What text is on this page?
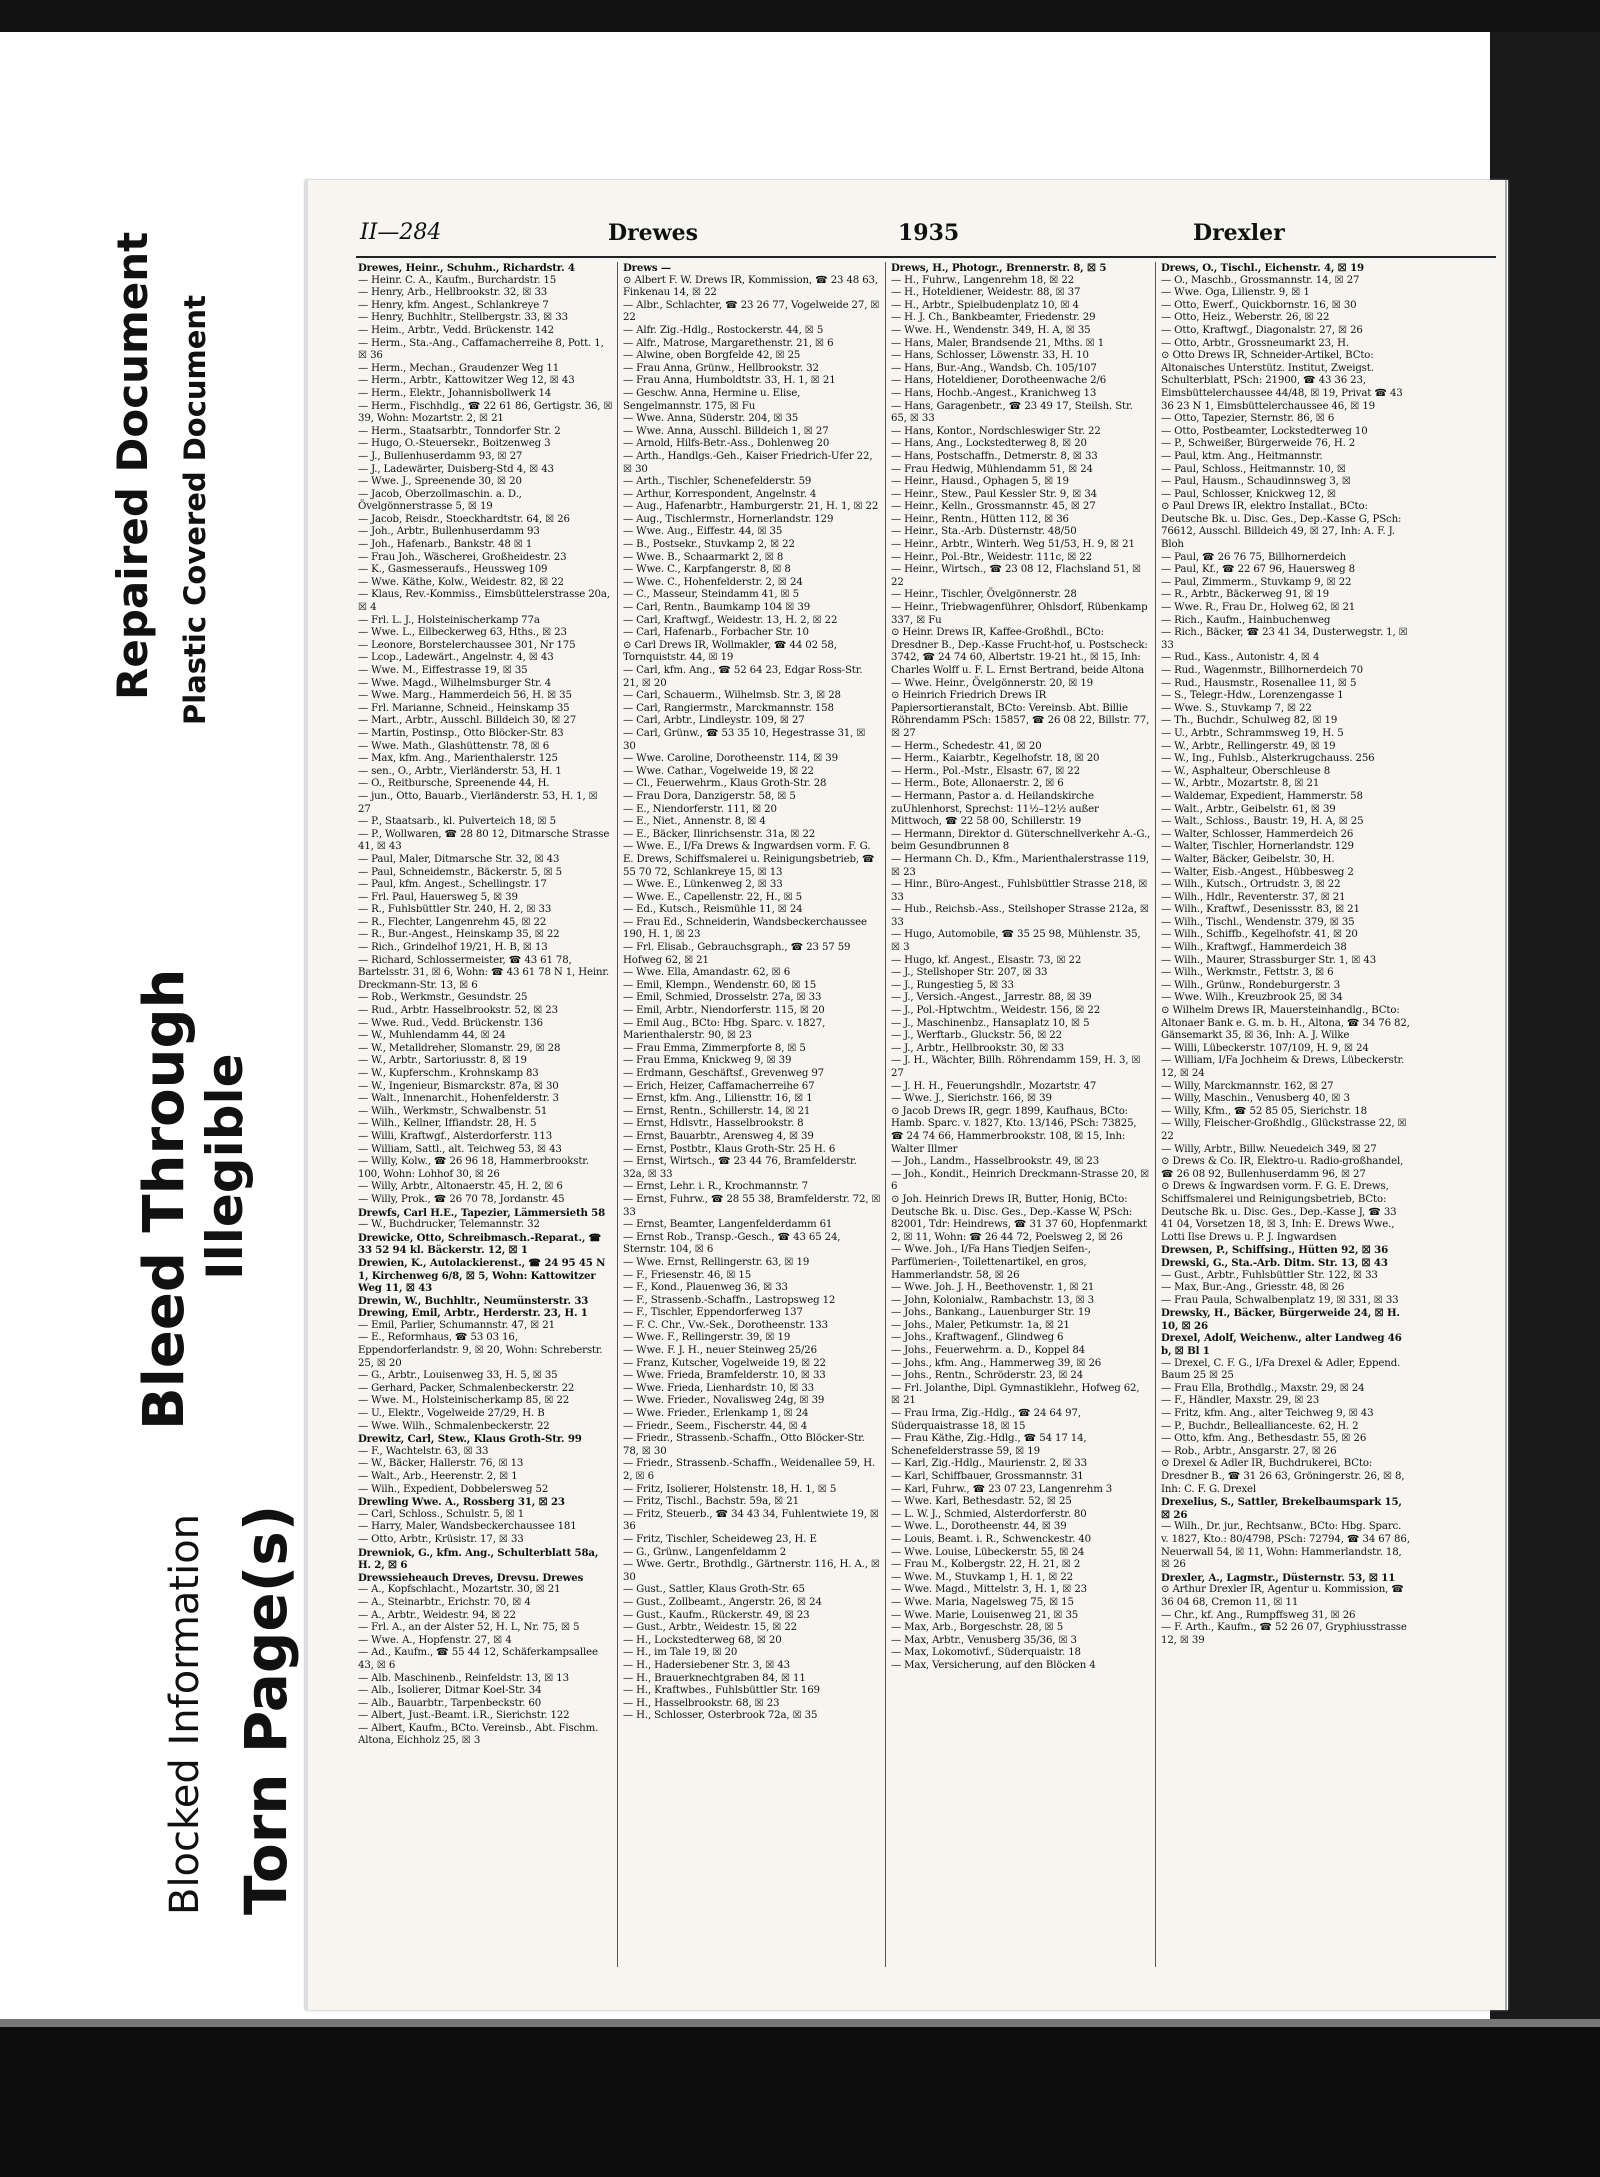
Repaired Document Plastic Covered Document
Bleed Through Illegible
Blocked Information Torn Page(s)
II—284	Drewes	1935	Drexler

Drewes, Heinr., Schuhm., Richardstr. 4

— Heinr. C. A., Kaufm., Burchardstr. 15

— Henry, Arb., Hellbrookstr. 32, ☒ 33

— Henry, kfm. Angest., Schlankreye 7

— Henry, Buchhltr., Stellbergstr. 33, ☒ 33

— Heim., Arbtr., Vedd. Brückenstr. 142

— Herm., Sta.-Ang., Caffamacherreihe 8, Pott. 1, ☒ 36

— Herm., Mechan., Graudenzer Weg 11

— Herm., Arbtr., Kattowitzer Weg 12, ☒ 43

— Herm., Elektr., Johannisbollwerk 14

— Herm., Fischhdlg., ☎ 22 61 86, Gertigstr. 36, ☒ 39, Wohn: Mozartstr. 2, ☒ 21

— Herm., Staatsarbtr., Tonndorfer Str. 2

— Hugo, O.-Steuersekr., Boitzenweg 3

— J., Bullenhuserdamm 93, ☒ 27

— J., Ladewärter, Duisberg-Std 4, ☒ 43

— Wwe. J., Spreenende 30, ☒ 20

— Jacob, Oberzollmaschin. a. D., Övelgönnerstrasse 5, ☒ 19

— Jacob, Reisdr., Stoeckhardtstr. 64, ☒ 26

— Joh., Arbtr., Bullenhuserdamm 93

— Joh., Hafenarb., Bankstr. 48 ☒ 1

— Frau Joh., Wäscherei, Großheidestr. 23

— K., Gasmesseraufs., Heussweg 109

— Wwe. Käthe, Kolw., Weidestr. 82, ☒ 22

— Klaus, Rev.-Kommiss., Eimsbüttelerstrasse 20a, ☒ 4

— Frl. L. J., Holsteinischerkamp 77a

— Wwe. L., Eilbeckerweg 63, Hths., ☒ 23

— Leonore, Borstelerchaussee 301, Nr 175

— Lcop., Ladewärt., Angelnstr. 4, ☒ 43

— Wwe. M., Eiffestrasse 19, ☒ 35

— Wwe. Magd., Wilhelmsburger Str. 4

— Wwe. Marg., Hammerdeich 56, H. ☒ 35

— Frl. Marianne, Schneid., Heinskamp 35

— Mart., Arbtr., Ausschl. Billdeich 30, ☒ 27

— Martin, Postinsp., Otto Blöcker-Str. 83

— Wwe. Math., Glashüttenstr. 78, ☒ 6

— Max, kfm. Ang., Marienthalerstr. 125

— sen., O., Arbtr., Vierländerstr. 53, H. 1

— O., Reitburschе, Spreenende 44, H.

— jun., Otto, Bauarb., Vierländerstr. 53, H. 1, ☒ 27

— P., Staatsarb., kl. Pulverteich 18, ☒ 5

— P., Wollwaren, ☎ 28 80 12, Ditmarsche Strasse 41, ☒ 43

— Paul, Maler, Ditmarsche Str. 32, ☒ 43

— Paul, Schneidemstr., Bäckerstr. 5, ☒ 5

— Paul, kfm. Angest., Schellingstr. 17

— Frl. Paul, Hauersweg 5, ☒ 39

— R., Fuhlsbüttler Str. 240, H. 2, ☒ 33

— R., Flechter, Langenrehm 45, ☒ 22

— R., Bur.-Angest., Heinskamp 35, ☒ 22

— Rich., Grindelhof 19/21, H. B, ☒ 13

— Richard, Schlossermeister, ☎ 43 61 78, Bartelsstr. 31, ☒ 6, Wohn: ☎ 43 61 78 N 1, Heinr. Dreckmann-Str. 13, ☒ 6

— Rob., Werkmstr., Gesundstr. 25

— Rud., Arbtr. Hasselbrookstr. 52, ☒ 23

— Wwe. Rud., Vedd. Brückenstr. 136

— W., Muhlendamm 44, ☒ 24

— W., Metalldreher, Slomanstr. 29, ☒ 28

— W., Arbtr., Sartoriusstr. 8, ☒ 19

— W., Kupferschm., Krohnskamp 83

— W., Ingenieur, Bismarckstr. 87a, ☒ 30

— Walt., Innenarchit., Hohenfelderstr. 3

— Wilh., Werkmstr., Schwalbenstr. 51

— Wilh., Kellner, Iffiandstr. 28, H. 5

— Willi, Kraftwgf., Alsterdorferstr. 113

— William, Sattl., alt. Teichweg 53, ☒ 43

— Willy, Kolw., ☎ 26 96 18, Hammerbrookstr. 100, Wohn: Lohhof 30, ☒ 26

— Willy, Arbtr., Altonaerstr. 45, H. 2, ☒ 6

— Willy, Prok., ☎ 26 70 78, Jordanstr. 45

Drewfs, Carl H.E., Tapezier, Lämmersieth 58

— W., Buchdrucker, Telemannstr. 32

Drewicke, Otto, Schreibmasch.-Reparat., ☎ 33 52 94 kl. Bäckerstr. 12, ☒ 1

Drewien, K., Autolackierenst., ☎ 24 95 45 N 1, Kirchenweg 6/8, ☒ 5, Wohn: Kattowitzer Weg 11, ☒ 43

Drewin, W., Buchhltr., Neumünsterstr. 33

Drewing, Emil, Arbtr., Herderstr. 23, H. 1

— Emil, Parlier, Schumannstr. 47, ☒ 21

— E., Reformhaus, ☎ 53 03 16, Eppendorferlandstr. 9, ☒ 20, Wohn: Schreberstr. 25, ☒ 20

— G., Arbtr., Louisenweg 33, H. 5, ☒ 35

— Gerhard, Packer, Schmalenbeckerstr. 22

— Wwe. M., Holsteinischerkamp 85, ☒ 22

— U., Elektr., Vogelweide 27/29, H. B

— Wwe. Wilh., Schmalenbeckerstr. 22

Drewitz, Carl, Stew., Klaus Groth-Str. 99

— F., Wachtelstr. 63, ☒ 33

— W., Bäcker, Hallerstr. 76, ☒ 13

— Walt., Arb., Heerenstr. 2, ☒ 1

— Wilh., Expedient, Dobbelersweg 52

Drewling Wwe. A., Rossberg 31, ☒ 23

— Carl, Schloss., Schulstr. 5, ☒ 1

— Harry, Maler, Wandsbeckerchaussee 181

— Otto, Arbtr., Krüsistr. 17, ☒ 33

Drewniok, G., kfm. Ang., Schulterblatt 58a, H. 2, ☒ 6

Drewssieheauch Dreves, Drevsu. Drewes

— A., Kopfschlacht., Mozartstr. 30, ☒ 21

— A., Steinarbtr., Erichstr. 70, ☒ 4

— A., Arbtr., Weidestr. 94, ☒ 22

— Frl. A., an der Alster 52, H. L, Nr. 75, ☒ 5

— Wwe. A., Hopfenstr. 27, ☒ 4

— Ad., Kaufm., ☎ 55 44 12, Schäferkampsallee 43, ☒ 6

— Alb. Maschinenb., Reinfeldstr. 13, ☒ 13

— Alb., Isolierer, Ditmar Koel-Str. 34

— Alb., Bauarbtr., Tarpenbeckstr. 60

— Albert, Just.-Beamt. i.R., Sierichstr. 122

— Albert, Kaufm., BCto. Vereinsb., Abt. Fischm. Altona, Eichholz 25, ☒ 3

Drews —

⊙ Albert F. W. Drews IR, Kommission, ☎ 23 48 63, Finkenau 14, ☒ 22

— Albr., Schlachter, ☎ 23 26 77, Vogelweide 27, ☒ 22

— Alfr. Zig.-Hdlg., Rostockerstr. 44, ☒ 5

— Alfr., Matrose, Margarethenstr. 21, ☒ 6

— Alwine, oben Borgfelde 42, ☒ 25

— Frau Anna, Grünw., Hellbrookstr. 32

— Frau Anna, Humboldtstr. 33, H. 1, ☒ 21

— Geschw. Anna, Hermine u. Elise, Sengelmannstr. 175, ☒ Fu

— Wwe. Anna, Süderstr. 204, ☒ 35

— Wwe. Anna, Ausschl. Billdeich 1, ☒ 27

— Arnold, Hilfs-Betr.-Ass., Dohlenweg 20

— Arth., Handlgs.-Geh., Kaiser Friedrich-Ufer 22, ☒ 30

— Arth., Tischler, Schenefelderstr. 59

— Arthur, Korrespondent, Angelnstr. 4

— Aug., Hafenarbtr., Hamburgerstr. 21, H. 1, ☒ 22

— Aug., Tischlermstr., Hornerlandstr. 129

— Wwe. Aug., Eiffestr. 44, ☒ 35

— B., Postsekr., Stuvkamp 2, ☒ 22

— Wwe. B., Schaarmarkt 2, ☒ 8

— Wwe. C., Karpfangerstr. 8, ☒ 8

— Wwe. C., Hohenfelderstr. 2, ☒ 24

— C., Masseur, Steindamm 41, ☒ 5

— Carl, Rentn., Baumkamp 104 ☒ 39

— Carl, Kraftwgf., Weidestr. 13, H. 2, ☒ 22

— Carl, Hafenarb., Forbacher Str. 10

⊙ Carl Drews IR, Wollmakler, ☎ 44 02 58, Tornquiststr. 44, ☒ 19

— Carl, kfm. Ang., ☎ 52 64 23, Edgar Ross-Str. 21, ☒ 20

— Carl, Schauerm., Wilhelmsb. Str. 3, ☒ 28

— Carl, Rangiermstr., Marckmannstr. 158

— Carl, Arbtr., Lindleystr. 109, ☒ 27

— Carl, Grünw., ☎ 53 35 10, Hegestrasse 31, ☒ 30

— Wwe. Caroline, Dorotheenstr. 114, ☒ 39

— Wwe. Cathar., Vogelweide 19, ☒ 22

— Cl., Feuerwehrm., Klaus Groth-Str. 28

— Frau Dora, Danzigerstr. 58, ☒ 5

— E., Niendorferstr. 111, ☒ 20

— E., Niet., Annenstr. 8, ☒ 4

— E., Bäcker, Ilinrichsenstr. 31a, ☒ 22

— Wwe. E., I/Fa Drews & Ingwardsen vorm. F. G. E. Drews, Schiffsmalerei u. Reinigungsbetrieb, ☎ 55 70 72, Schlankreye 15, ☒ 13

— Wwe. E., Lünkenweg 2, ☒ 33

— Wwe. E., Capellenstr. 22, H., ☒ 5

— Ed., Kutsch., Reismühle 11, ☒ 24

— Frau Ed., Schneiderin, Wandsbeckerchaussee 190, H. 1, ☒ 23

— Frl. Elisab., Gebrauchsgraph., ☎ 23 57 59 Hofweg 62, ☒ 21

— Wwe. Ella, Amandastr. 62, ☒ 6

— Emil, Klempn., Wendenstr. 60, ☒ 15

— Emil, Schmied, Drosselstr. 27a, ☒ 33

— Emil, Arbtr., Niendorferstr. 115, ☒ 20

— Emil Aug., BCto: Hbg. Sparc. v. 1827, Marienthalerstr. 90, ☒ 23

— Frau Emma, Zimmerpforte 8, ☒ 5

— Frau Emma, Knickweg 9, ☒ 39

— Erdmann, Geschäftsf., Grevenweg 97

— Erich, Heizer, Caffamacherreihe 67

— Ernst, kfm. Ang., Liliensttr. 16, ☒ 1

— Ernst, Rentn., Schillerstr. 14, ☒ 21

— Ernst, Hdlsvtr., Hasselbrookstr. 8

— Ernst, Bauarbtr., Arensweg 4, ☒ 39

— Ernst, Postbtr., Klaus Groth-Str. 25 H. 6

— Ernst, Wirtsch., ☎ 23 44 76, Bramfelderstr. 32a, ☒ 33

— Ernst, Lehr. i. R., Krochmannstr. 7

— Ernst, Fuhrw., ☎ 28 55 38, Bramfelderstr. 72, ☒ 33

— Ernst, Beamter, Langenfelderdamm 61

— Ernst Rob., Transp.-Gesch., ☎ 43 65 24, Sternstr. 104, ☒ 6

— Wwe. Ernst, Rellingerstr. 63, ☒ 19

— F., Friesenstr. 46, ☒ 15

— F., Kond., Plauenweg 36, ☒ 33

— F., Strassenb.-Schaffn., Lastropsweg 12

— F., Tischler, Eppendorferweg 137

— F. C. Chr., Vw.-Sek., Dorotheenstr. 133

— Wwe. F., Rellingerstr. 39, ☒ 19

— Wwe. F. J. H., neuer Steinweg 25/26

— Franz, Kutscher, Vogelweide 19, ☒ 22

— Wwe. Frieda, Bramfelderstr. 10, ☒ 33

— Wwe. Frieda, Lienhardstr. 10, ☒ 33

— Wwe. Frieder., Novalisweg 24g, ☒ 39

— Wwe. Frieder., Erlenkamp 1, ☒ 24

— Friedr., Seem., Fischerstr. 44, ☒ 4

— Friedr., Strassenb.-Schaffn., Otto Blöcker-Str. 78, ☒ 30

— Friedr., Strassenb.-Schaffn., Weidenallee 59, H. 2, ☒ 6

— Fritz, Isolierer, Holstenstr. 18, H. 1, ☒ 5

— Fritz, Tischl., Bachstr. 59a, ☒ 21

— Fritz, Steuerb., ☎ 34 43 34, Fuhlentwiete 19, ☒ 36

— Fritz, Tischler, Scheideweg 23, H. E

— G., Grünw., Langenfeldamm 2

— Wwe. Gertr., Brothdlg., Gärtnerstr. 116, H. A., ☒ 30

— Gust., Sattler, Klaus Groth-Str. 65

— Gust., Zollbeamt., Angerstr. 26, ☒ 24

— Gust., Kaufm., Rückerstr. 49, ☒ 23

— Gust., Arbtr., Weidestr. 15, ☒ 22

— H., Lockstedterweg 68, ☒ 20

— H., im Tale 19, ☒ 20

— H., Hadersiebener Str. 3, ☒ 43

— H., Brauerknechtgraben 84, ☒ 11

— H., Kraftwbes., Fuhlsbüttler Str. 169

— H., Hasselbrookstr. 68, ☒ 23

— H., Schlosser, Osterbrook 72a, ☒ 35

Drews, H., Photogr., Brennerstr. 8, ☒ 5

— H., Fuhrw., Langenrehm 18, ☒ 22

— H., Hoteldiener, Weidestr. 88, ☒ 37

— H., Arbtr., Spielbudenplatz 10, ☒ 4

— H. J. Ch., Bankbeamter, Friedenstr. 29

— Wwe. H., Wendenstr. 349, H. A, ☒ 35

— Hans, Maler, Brandsende 21, Mths. ☒ 1

— Hans, Schlosser, Löwenstr. 33, H. 10

— Hans, Bur.-Ang., Wandsb. Ch. 105/107

— Hans, Hoteldiener, Dorotheenwache 2/6

— Hans, Hochb.-Angest., Kranichweg 13

— Hans, Garagenbetr., ☎ 23 49 17, Steilsh. Str. 65, ☒ 33

— Hans, Kontor., Nordschleswiger Str. 22

— Hans, Ang., Lockstedterweg 8, ☒ 20

— Hans, Postschaffn., Detmerstr. 8, ☒ 33

— Frau Hedwig, Mühlendamm 51, ☒ 24

— Heinr., Hausd., Ophagen 5, ☒ 19

— Heinr., Stew., Paul Kessler Str. 9, ☒ 34

— Heinr., Kelln., Grossmannstr. 45, ☒ 27

— Heinr., Rentn., Hütten 112, ☒ 36

— Heinr., Sta.-Arb. Düsternstr. 48/50

— Heinr., Arbtr., Winterh. Weg 51/53, H. 9, ☒ 21

— Heinr., Pol.-Btr., Weidestr. 111c, ☒ 22

— Heinr., Wirtsch., ☎ 23 08 12, Flachsland 51, ☒ 22

— Heinr., Tischler, Övelgönnerstr. 28

— Heinr., Triebwagenführer, Ohlsdorf, Rübenkamp 337, ☒ Fu

⊙ Heinr. Drews IR, Kaffee-Großhdl., BCto: Dresdner B., Dep.-Kasse Frucht-hof, u. Postscheck: 3742, ☎ 24 74 60, Albertstr. 19-21 ht., ☒ 15, Inh: Charles Wolff u. F. L. Ernst Bertrand, beide Altona

— Wwe. Heinr., Övelgönnerstr. 20, ☒ 19

⊙ Heinrich Friedrich Drews IR Papiersortieranstalt, BCto: Vereinsb. Abt. Billie Röhrendamm PSch: 15857, ☎ 26 08 22, Billstr. 77, ☒ 27

— Herm., Schedestr. 41, ☒ 20

— Herm., Kaiarbtr., Kegelhofstr. 18, ☒ 20

— Herm., Pol.-Mstr., Elsastr. 67, ☒ 22

— Herm., Bote, Allonaerstr. 2, ☒ 6

— Hermann, Pastor a. d. Heilandskirche zuUhlenhorst, Sprechst: 11½–12½ außer Mittwoch, ☎ 22 58 00, Schillerstr. 19

— Hermann, Direktor d. Güterschnellverkehr A.-G., beim Gesundbrunnen 8

— Hermann Ch. D., Kfm., Marienthalerstrasse 119, ☒ 23

— Hinr., Büro-Angest., Fuhlsbüttler Strasse 218, ☒ 33

— Hub., Reichsb.-Ass., Steilshoper Strasse 212a, ☒ 33

— Hugo, Automobile, ☎ 35 25 98, Mühlenstr. 35, ☒ 3

— Hugo, kf. Angest., Elsastr. 73, ☒ 22

— J., Stellshoper Str. 207, ☒ 33

— J., Rungestieg 5, ☒ 33

— J., Versich.-Angest., Jarrestr. 88, ☒ 39

— J., Pol.-Hptwchtm., Weidestr. 156, ☒ 22

— J., Maschinenbz., Hansaplatz 10, ☒ 5

— J., Werftarb., Gluckstr. 56, ☒ 22

— J., Arbtr., Hellbrookstr. 30, ☒ 33

— J. H., Wächter, Billh. Röhrendamm 159, H. 3, ☒ 27

— J. H. H., Feuerungshdlr., Mozartstr. 47

— Wwe. J., Sierichstr. 166, ☒ 39

⊙ Jacob Drews IR, gegr. 1899, Kaufhaus, BCto: Hamb. Sparc. v. 1827, Kto. 13/146, PSch: 73825, ☎ 24 74 66, Hammerbrookstr. 108, ☒ 15, Inh: Walter Illmer

— Joh., Landm., Hasselbrookstr. 49, ☒ 23

— Joh., Kondit., Heinrich Dreckmann-Strasse 20, ☒ 6

⊙ Joh. Heinrich Drews IR, Butter, Honig, BCto: Deutsche Bk. u. Disc. Ges., Dep.-Kasse W, PSch: 82001, Tdr: Heindrews, ☎ 31 37 60, Hopfenmarkt 2, ☒ 11, Wohn: ☎ 26 44 72, Poelsweg 2, ☒ 26

— Wwe. Joh., I/Fa Hans Tiedjen Seifen-, Parfümerien-, Toilettenartikel, en gros, Hammerlandstr. 58, ☒ 26

— Wwe. Joh. J. H., Beethovenstr. 1, ☒ 21

— John, Kolonialw., Rambachstr. 13, ☒ 3

— Johs., Bankang., Lauenburger Str. 19

— Johs., Maler, Petkumstr. 1a, ☒ 21

— Johs., Kraftwagenf., Glindweg 6

— Johs., Feuerwehrm. a. D., Koppel 84

— Johs., kfm. Ang., Hammerweg 39, ☒ 26

— Johs., Rentn., Schröderstr. 23, ☒ 24

— Frl. Jolanthe, Dipl. Gymnastiklehr., Hofweg 62, ☒ 21

— Frau Irma, Zig.-Hdlg., ☎ 24 64 97, Süderquaistrasse 18, ☒ 15

— Frau Käthe, Zig.-Hdlg., ☎ 54 17 14, Schenefelderstrasse 59, ☒ 19

— Karl, Zig.-Hdlg., Maurienstr. 2, ☒ 33

— Karl, Schiffbauer, Grossmannstr. 31

— Karl, Fuhrw., ☎ 23 07 23, Langenrehm 3

— Wwe. Karl, Bethesdastr. 52, ☒ 25

— L. W. J., Schmied, Alsterdorferstr. 80

— Wwe. L., Dorotheenstr. 44, ☒ 39

— Louis, Beamt. i. R., Schwenckestr. 40

— Wwe. Louise, Lübeckerstr. 55, ☒ 24

— Frau M., Kolbergstr. 22, H. 21, ☒ 2

— Wwe. M., Stuvkamp 1, H. 1, ☒ 22

— Wwe. Magd., Mittelstr. 3, H. 1, ☒ 23

— Wwe. Maria, Nagelsweg 75, ☒ 15

— Wwe. Marie, Louisenweg 21, ☒ 35

— Max, Arb., Borgeschstr. 28, ☒ 5

— Max, Arbtr., Venusberg 35/36, ☒ 3

— Max, Lokomotivf., Süderquaistr. 18

— Max, Versicherung, auf den Blöcken 4

Drews, O., Tischl., Eichenstr. 4, ☒ 19

— O., Maschb., Grossmannstr. 14, ☒ 27

— Wwe. Oga, Lilienstr. 9, ☒ 1

— Otto, Ewerf., Quickbornstr. 16, ☒ 30

— Otto, Heiz., Weberstr. 26, ☒ 22

— Otto, Kraftwgf., Diagonalstr. 27, ☒ 26

— Otto, Arbtr., Grossneumarkt 23, H.

⊙ Otto Drews IR, Schneider-Artikel, BCto: Altonaisches Unterstütz. Institut, Zweigst. Schulterblatt, PSch: 21900, ☎ 43 36 23, Eimsbüttelerchaussee 44/48, ☒ 19, Privat ☎ 43 36 23 N 1, Eimsbüttelerchaussee 46, ☒ 19

— Otto, Tapezier, Sternstr. 86, ☒ 6

— Otto, Postbeamter, Lockstedterweg 10

— P., Schweißer, Bürgerweide 76, H. 2

— Paul, ktm. Ang., Heitmannstr.

— Paul, Schloss., Heitmannstr. 10, ☒

— Paul, Hausm., Schaudinnsweg 3, ☒

— Paul, Schlosser, Knickweg 12, ☒

⊙ Paul Drews IR, elektro Installat., BCto: Deutsche Bk. u. Disc. Ges., Dep.-Kasse G, PSch: 76612, Ausschl. Billdeich 49, ☒ 27, Inh: A. F. J. Bloh

— Paul, ☎ 26 76 75, Billhornerdeich

— Paul, Kf., ☎ 22 67 96, Hauersweg 8

— Paul, Zimmerm., Stuvkamp 9, ☒ 22

— R., Arbtr., Bäckerweg 91, ☒ 19

— Wwe. R., Frau Dr., Holweg 62, ☒ 21

— Rich., Kaufm., Hainbuchenweg

— Rich., Bäcker, ☎ 23 41 34, Dusterwegstr. 1, ☒ 33

— Rud., Kass., Autonistr. 4, ☒ 4

— Rud., Wagenmstr., Billhornerdeich 70

— Rud., Hausmstr., Rosenallee 11, ☒ 5

— S., Telegr.-Hdw., Lorenzengasse 1

— Wwe. S., Stuvkamp 7, ☒ 22

— Th., Buchdr., Schulweg 82, ☒ 19

— U., Arbtr., Schrammsweg 19, H. 5

— W., Arbtr., Rellingerstr. 49, ☒ 19

— W., Ing., Fuhlsb., Alsterkrugchauss. 256

— W., Asphaltеur, Oberschleuse 8

— W., Arbtr., Mozartstr. 8, ☒ 21

— Waldemar, Expedient, Hammerstr. 58

— Walt., Arbtr., Geibelstr. 61, ☒ 39

— Walt., Schloss., Baustr. 19, H. A, ☒ 25

— Walter, Schlosser, Hammerdeich 26

— Walter, Tischler, Hornerlandstr. 129

— Walter, Bäcker, Geibelstr. 30, H.

— Walter, Eisb.-Angest., Hübbesweg 2

— Wilh., Kutsch., Ortrudstr. 3, ☒ 22

— Wilh., Hdlr., Reventerstr. 37, ☒ 21

— Wilh., Kraftwf., Desenissstr. 83, ☒ 21

— Wilh., Tischl., Wendenstr. 379, ☒ 35

— Wilh., Schiffb., Kegelhofstr. 41, ☒ 20

— Wilh., Kraftwgf., Hammerdeich 38

— Wilh., Maurer, Strassburger Str. 1, ☒ 43

— Wilh., Werkmstr., Fettstr. 3, ☒ 6

— Wilh., Grünw., Rondeburgerstr. 3

— Wwe. Wilh., Kreuzbrook 25, ☒ 34

⊙ Wilhelm Drews IR, Mauersteinhandlg., BCto: Altonaer Bank e. G. m. b. H., Altona, ☎ 34 76 82, Gänsemarkt 35, ☒ 36, Inh: A. J. Wilke

— Willi, Lübeckerstr. 107/109, H. 9, ☒ 24

— William, I/Fa Jochheim & Drews, Lübeckerstr. 12, ☒ 24

— Willy, Marckmannstr. 162, ☒ 27

— Willy, Maschin., Venusberg 40, ☒ 3

— Willy, Kfm., ☎ 52 85 05, Sierichstr. 18

— Willy, Fleischer-Großhdlg., Glückstrasse 22, ☒ 22

— Willy, Arbtr., Billw. Neuedeich 349, ☒ 27

⊙ Drews & Co. IR, Elektro-u. Radio-großhandel, ☎ 26 08 92, Bullenhuserdamm 96, ☒ 27

⊙ Drews & Ingwardsen vorm. F. G. E. Drews, Schiffsmalerei und Reinigungsbetrieb, BCto: Deutsche Bk. u. Disc. Ges., Dep.-Kasse J, ☎ 33 41 04, Vorsetzen 18, ☒ 3, Inh: E. Drews Wwe., Lotti Ilse Drews u. P. J. Ingwardsen

Drewsen, P., Schiffsing., Hütten 92, ☒ 36

Drewski, G., Sta.-Arb. Ditm. Str. 13, ☒ 43

— Gust., Arbtr., Fuhlsbüttler Str. 122, ☒ 33

— Max, Bur.-Ang., Griesstr. 48, ☒ 26

— Frau Paula, Schwalbenplatz 19, ☒ 331, ☒ 33

Drewsky, H., Bäcker, Bürgerweide 24, ☒ H. 10, ☒ 26

Drexel, Adolf, Weichenw., alter Landweg 46 b, ☒ Bl 1

— Drexel, C. F. G., I/Fa Drexel & Adler, Eppend. Baum 25 ☒ 25

— Frau Ella, Brothdlg., Maxstr. 29, ☒ 24

— F., Händler, Maxstr. 29, ☒ 23

— Fritz, kfm. Ang., alter Teichweg 9, ☒ 43

— P., Buchdr., Belleallianceste. 62, H. 2

— Otto, kfm. Ang., Bethesdastr. 55, ☒ 26

— Rob., Arbtr., Ansgarstr. 27, ☒ 26

⊙ Drexel & Adler IR, Buchdrukerei, BCto: Dresdner B., ☎ 31 26 63, Gröningerstr. 26, ☒ 8, Inh: C. F. G. Drexel

Drexelius, S., Sattler, Brekelbaumspark 15, ☒ 26

— Wilh., Dr. jur., Rechtsanw., BCto: Hbg. Sparc. v. 1827, Kto.: 80/4798, PSch: 72794, ☎ 34 67 86, Neuerwall 54, ☒ 11, Wohn: Hammerlandstr. 18, ☒ 26

Drexler, A., Lagmstr., Düsternstr. 53, ☒ 11

⊙ Arthur Drexler IR, Agentur u. Kommission, ☎ 36 04 68, Cremon 11, ☒ 11

— Chr., kf. Ang., Rumpffsweg 31, ☒ 26

— F. Arth., Kaufm., ☎ 52 26 07, Gryphiusstrasse 12, ☒ 39
